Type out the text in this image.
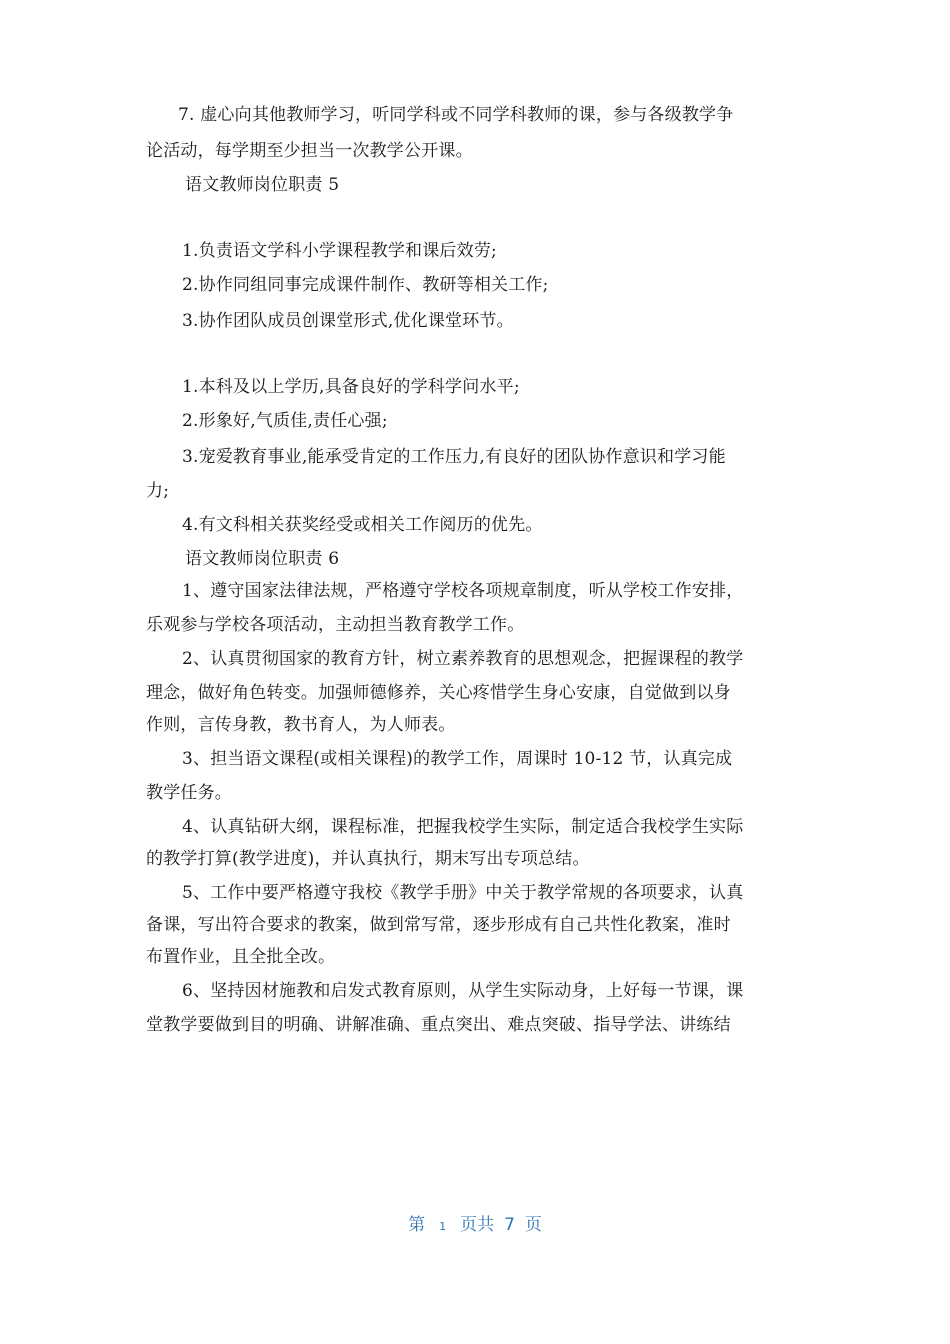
7. 虚心向其他教师学习，听同学科或不同学科教师的课，参与各级教学争
论活动，每学期至少担当一次教学公开课。
语文教师岗位职责 5
1.负责语文学科小学课程教学和课后效劳;
2.协作同组同事完成课件制作、教研等相关工作;
3.协作团队成员创课堂形式,优化课堂环节。
1.本科及以上学历,具备良好的学科学问水平;
2.形象好,气质佳,责任心强;
3.宠爱教育事业,能承受肯定的工作压力,有良好的团队协作意识和学习能
力;
4.有文科相关获奖经受或相关工作阅历的优先。
语文教师岗位职责 6
1、遵守国家法律法规，严格遵守学校各项规章制度，听从学校工作安排，
乐观参与学校各项活动，主动担当教育教学工作。
2、认真贯彻国家的教育方针，树立素养教育的思想观念，把握课程的教学
理念，做好角色转变。加强师德修养，关心疼惜学生身心安康，自觉做到以身
作则，言传身教，教书育人，为人师表。
3、担当语文课程(或相关课程)的教学工作，周课时 10-12 节，认真完成
教学任务。
4、认真钻研大纲，课程标准，把握我校学生实际，制定适合我校学生实际
的教学打算(教学进度)，并认真执行，期末写出专项总结。
5、工作中要严格遵守我校《教学手册》中关于教学常规的各项要求，认真
备课，写出符合要求的教案，做到常写常，逐步形成有自己共性化教案，准时
布置作业，且全批全改。
6、坚持因材施教和启发式教育原则，从学生实际动身，上好每一节课，课
堂教学要做到目的明确、讲解准确、重点突出、难点突破、指导学法、讲练结
第 1 页共 7 页
